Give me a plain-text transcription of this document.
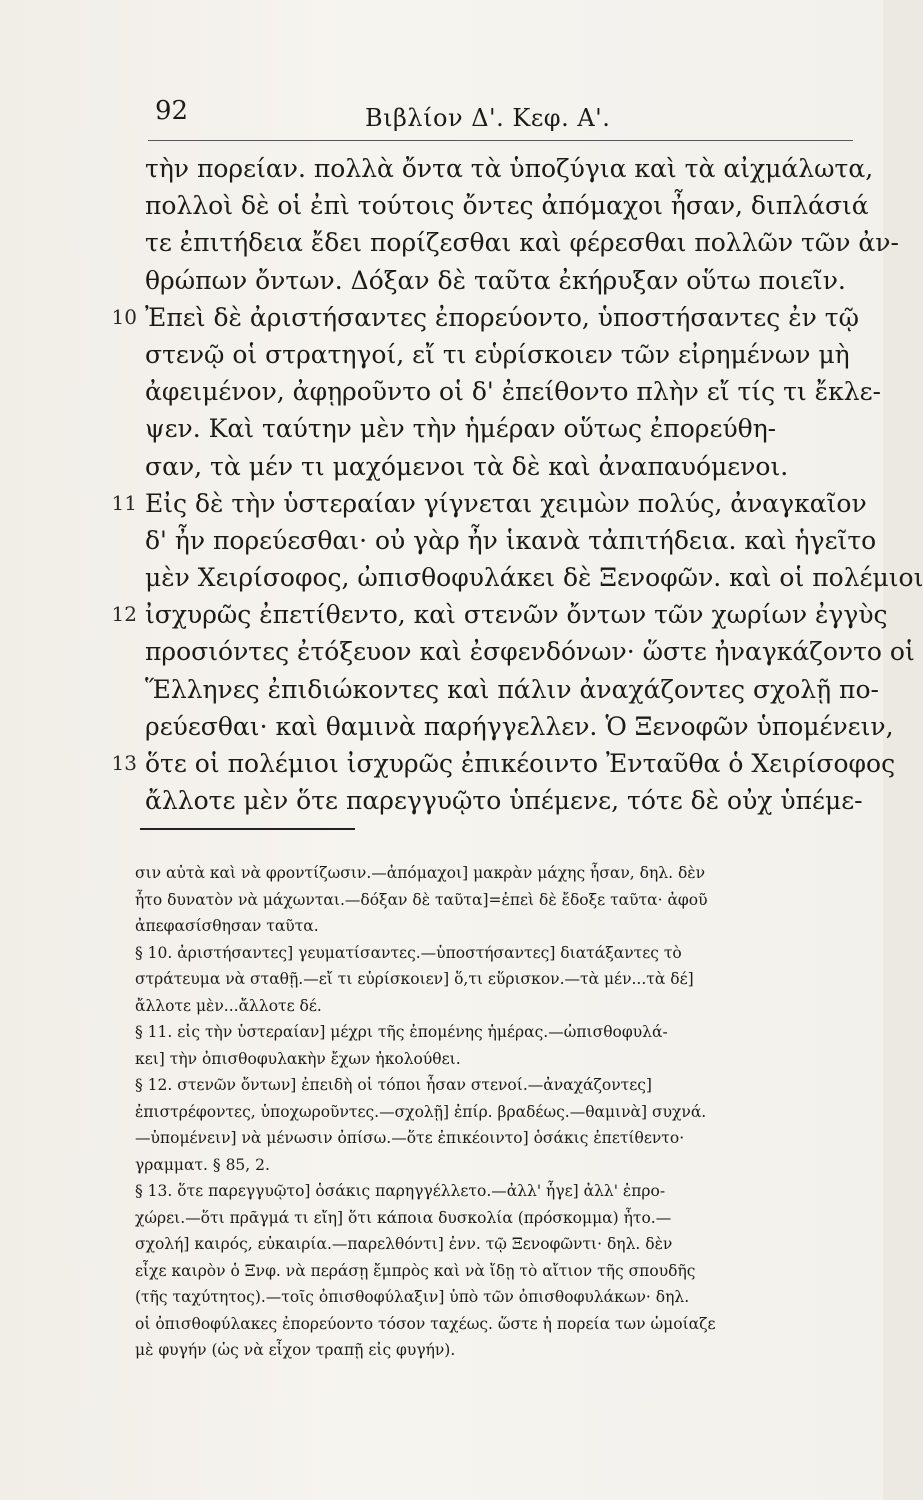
92	Βιβλίον Δ'. Κεφ. Α'.
τὴν πορείαν. πολλὰ ὄντα τὰ ὑποζύγια καὶ τὰ αἰχμάλωτα,
πολλοὶ δὲ οἱ ἐπὶ τούτοις ὄντες ἀπόμαχοι ἦσαν, διπλάσιά
τε ἐπιτήδεια ἔδει πορίζεσθαι καὶ φέρεσθαι πολλῶν τῶν ἀν-
θρώπων ὄντων. Δόξαν δὲ ταῦτα ἐκήρυξαν οὕτω ποιεῖν.
10 Ἐπεὶ δὲ ἀριστήσαντες ἐπορεύοντο, ὑποστήσαντες ἐν τῷ
στενῷ οἱ στρατηγοί, εἴ τι εὑρίσκοιεν τῶν εἰρημένων μὴ
ἀφειμένον, ἀφῃροῦντο οἱ δ' ἐπείθοντο πλὴν εἴ τίς τι ἔκλε-
ψεν. Καὶ ταύτην μὲν τὴν ἡμέραν οὕτως ἐπορεύθη-
σαν, τὰ μέν τι μαχόμενοι τὰ δὲ καὶ ἀναπαυόμενοι.
11 Εἰς δὲ τὴν ὑστεραίαν γίγνεται χειμὼν πολύς, ἀναγκαῖον
δ' ἦν πορεύεσθαι· οὐ γὰρ ἦν ἱκανὰ τἀπιτήδεια. καὶ ἡγεῖτο
μὲν Χειρίσοφος, ὠπισθοφυλάκει δὲ Ξενοφῶν. καὶ οἱ πολέμιοι
12 ἰσχυρῶς ἐπετίθεντο, καὶ στενῶν ὄντων τῶν χωρίων ἐγγὺς
προσιόντες ἐτόξευον καὶ ἐσφενδόνων· ὥστε ἠναγκάζοντο οἱ
Ἕλληνες ἐπιδιώκοντες καὶ πάλιν ἀναχάζοντες σχολῇ πο-
ρεύεσθαι· καὶ θαμινὰ παρήγγελλεν. Ὁ Ξενοφῶν ὑπομένειν,
13 ὅτε οἱ πολέμιοι ἰσχυρῶς ἐπικέοιντο Ἐνταῦθα ὁ Χειρίσοφος
ἄλλοτε μὲν ὅτε παρεγγυῷτο ὑπέμενε, τότε δὲ οὐχ ὑπέμε-
σιν αὐτὰ καὶ νὰ φροντίζωσιν.—ἀπόμαχοι] μακρὰν μάχης ἦσαν, δηλ. δὲν
ἦτο δυνατὸν νὰ μάχωνται.—δόξαν δὲ ταῦτα]=ἐπεὶ δὲ ἔδοξε ταῦτα· ἀφοῦ
ἀπεφασίσθησαν ταῦτα.
§ 10. ἀριστήσαντες] γευματίσαντες.—ὑποστήσαντες] διατάξαντες τὸ
στράτευμα νὰ σταθῇ.—εἴ τι εὑρίσκοιεν] ὅ,τι εὕρισκον.—τὰ μέν...τὰ δέ]
ἄλλοτε μὲν...ἄλλοτε δέ.
§ 11. εἰς τὴν ὑστεραίαν] μέχρι τῆς ἐπομένης ἡμέρας.—ὠπισθοφυλά-
κει] τὴν ὀπισθοφυλακὴν ἔχων ἠκολούθει.
§ 12. στενῶν ὄντων] ἐπειδὴ οἱ τόποι ἦσαν στενοί.—ἀναχάζοντες]
ἐπιστρέφοντες, ὑποχωροῦντες.—σχολῇ] ἐπίρ. βραδέως.—θαμινὰ] συχνά.
—ὑπομένειν] νὰ μένωσιν ὀπίσω.—ὅτε ἐπικέοιντο] ὁσάκις ἐπετίθεντο·
γραμματ. § 85, 2.
§ 13. ὅτε παρεγγυῷτο] ὁσάκις παρηγγέλλετο.—ἀλλ' ἧγε] ἀλλ' ἐπρο-
χώρει.—ὅτι πρᾶγμά τι εἴη] ὅτι κάποια δυσκολία (πρόσκομμα) ἦτο.—
σχολή] καιρός, εὐκαιρία.—παρελθόντι] ἐνν. τῷ Ξενοφῶντι· δηλ. δὲν
εἶχε καιρὸν ὁ Ξνφ. νὰ περάσῃ ἔμπρὸς καὶ νὰ ἴδῃ τὸ αἴτιον τῆς σπουδῆς
(τῆς ταχύτητος).—τοῖς ὀπισθοφύλαξιν] ὑπὸ τῶν ὀπισθοφυλάκων· δηλ.
οἱ ὀπισθοφύλακες ἐπορεύοντο τόσον ταχέως. ὥστε ἡ πορεία των ὡμοίαζε
μὲ φυγήν (ὡς νὰ εἶχον τραπῇ εἰς φυγήν).
